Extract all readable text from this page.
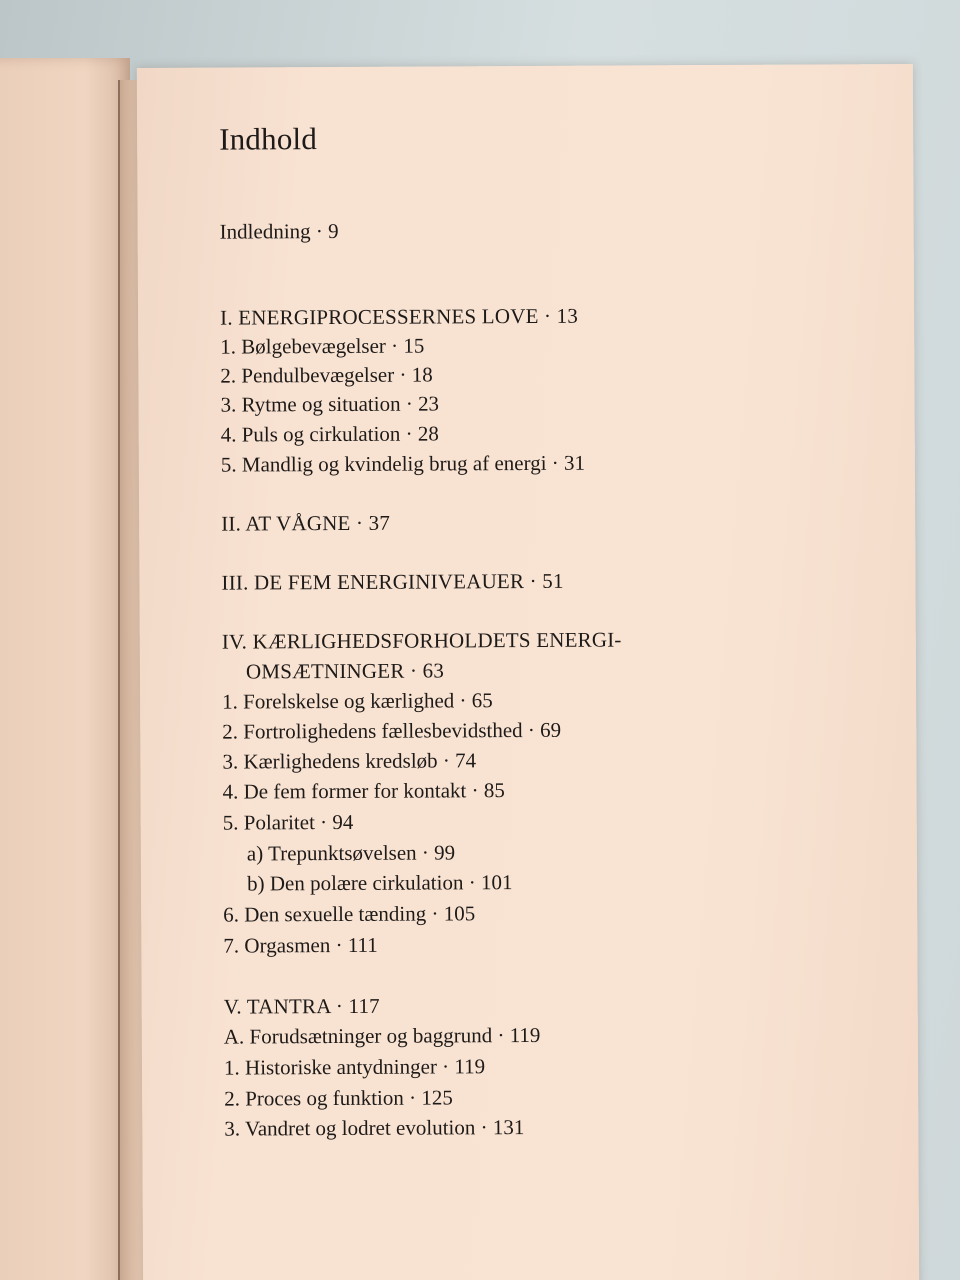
Indhold
Indledning · 9
I. ENERGIPROCESSERNES LOVE · 13
1. Bølgebevægelser · 15
2. Pendulbevægelser · 18
3. Rytme og situation · 23
4. Puls og cirkulation · 28
5. Mandlig og kvindelig brug af energi · 31
II. AT VÅGNE · 37
III. DE FEM ENERGINIVEAUER · 51
IV. KÆRLIGHEDSFORHOLDETS ENERGI-
OMSÆTNINGER · 63
1. Forelskelse og kærlighed · 65
2. Fortrolighedens fællesbevidsthed · 69
3. Kærlighedens kredsløb · 74
4. De fem former for kontakt · 85
5. Polaritet · 94
a) Trepunktsøvelsen · 99
b) Den polære cirkulation · 101
6. Den sexuelle tænding · 105
7. Orgasmen · 111
V. TANTRA · 117
A. Forudsætninger og baggrund · 119
1. Historiske antydninger · 119
2. Proces og funktion · 125
3. Vandret og lodret evolution · 131
